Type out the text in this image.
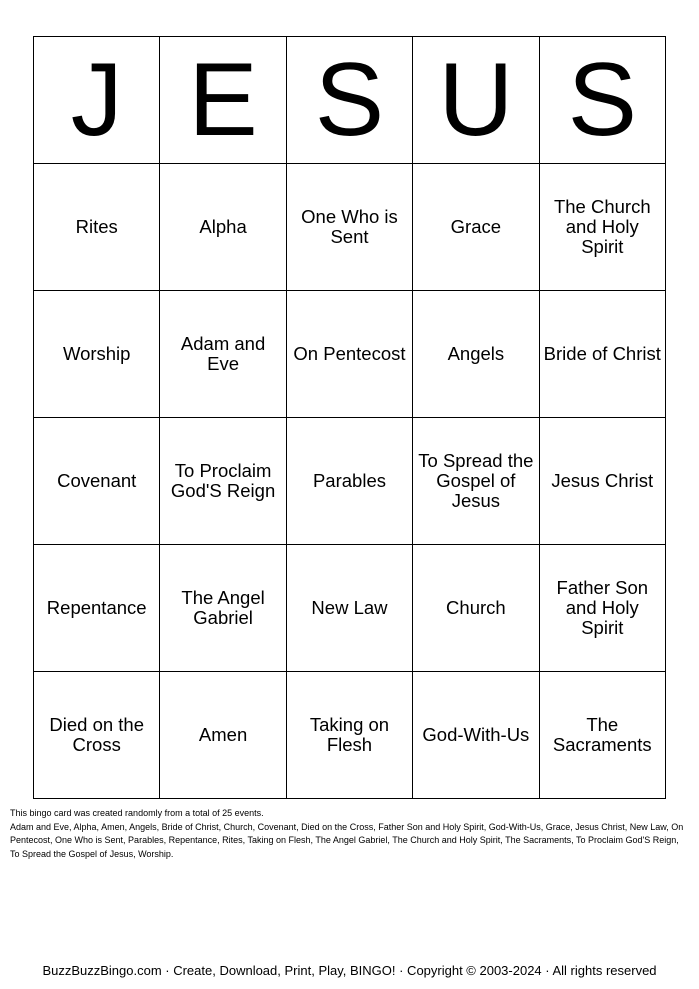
J	E	S	U	S
Rites	Alpha	One Who is Sent	Grace	The Church and Holy Spirit
Worship	Adam and Eve	On Pentecost	Angels	Bride of Christ
Covenant	To Proclaim God'S Reign	Parables	To Spread the Gospel of Jesus	Jesus Christ
Repentance	The Angel Gabriel	New Law	Church	Father Son and Holy Spirit
Died on the Cross	Amen	Taking on Flesh	God-With-Us	The Sacraments
This bingo card was created randomly from a total of 25 events.
Adam and Eve, Alpha, Amen, Angels, Bride of Christ, Church, Covenant, Died on the Cross, Father Son and Holy Spirit, God-With-Us, Grace, Jesus Christ, New Law, On Pentecost, One Who is Sent, Parables, Repentance, Rites, Taking on Flesh, The Angel Gabriel, The Church and Holy Spirit, The Sacraments, To Proclaim God'S Reign, To Spread the Gospel of Jesus, Worship.
BuzzBuzzBingo.com · Create, Download, Print, Play, BINGO! · Copyright © 2003-2024 · All rights reserved
